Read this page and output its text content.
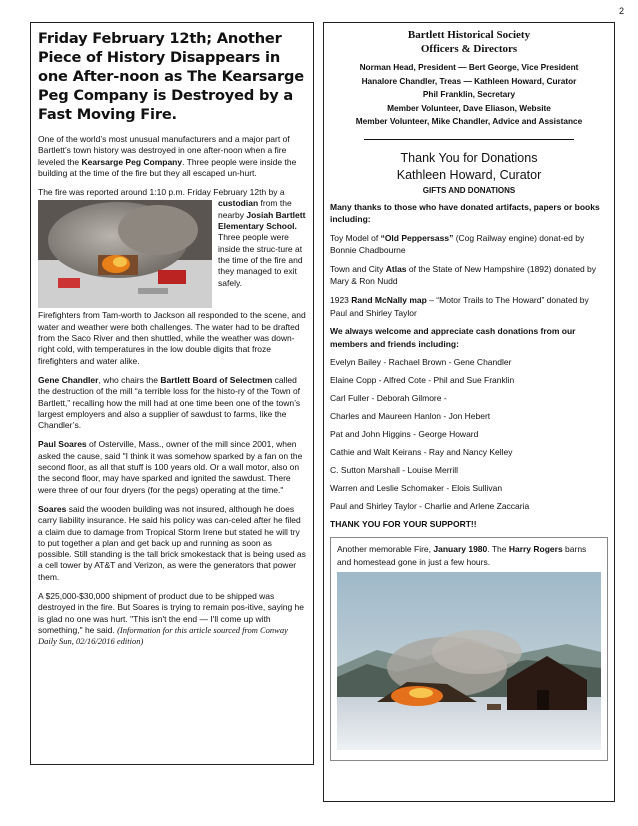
2
Friday February 12th; Another Piece of History Disappears in one After-noon as The Kearsarge Peg Company is Destroyed by a Fast Moving Fire.

One of the world’s most unusual manufacturers and a major part of Bartlett’s town history was destroyed in one after-noon when a fire leveled the Kearsarge Peg Company. Three people were inside the building at the time of the fire but they all escaped un-hurt.

The fire was reported around 1:10 p.m. Friday February 12th by a
custodian from the nearby Josiah Bartlett Elementary School. Three people were inside the struc-ture at the time of the fire and they managed to exit safely.

Firefighters from Tam-worth to Jackson all responded to the scene, and water and weather were both challenges. The water had to be drafted from the Saco River and then shuttled, while the weather was down-right cold, with temperatures in the low double digits that froze firefighters and water alike.

Gene Chandler, who chairs the Bartlett Board of Selectmen called the destruction of the mill “a terrible loss for the histo-ry of the Town of Bartlett,” recalling how the mill had at one time been one of the town’s largest employers and also a supplier of sawdust to farms, like the Chandler’s.

Paul Soares of Osterville, Mass., owner of the mill since 2001, when asked the cause, said "I think it was somehow sparked by a fan on the second floor, as all that stuff is 100 years old. Or a wall motor, also on the second floor, may have sparked and ignited the sawdust. There were three of our four dryers (for the pegs) operating at the time."

Soares said the wooden building was not insured, although he does carry liability insurance. He said his policy was can-celed after he filed a claim due to damage from Tropical Storm Irene but stated he will try to put together a plan and get back up and running as soon as possible. Still standing is the tall brick smokestack that is being used as a cell tower by AT&T and Verizon, as were the generators that power them.

A $25,000-$30,000 shipment of product due to be shipped was destroyed in the fire. But Soares is trying to remain pos-itive, saying he is glad no one was hurt. "This isn't the end — I'll come up with something," he said. (Information for this article sourced from Conway Daily Sun, 02/16/2016 edition)

Bartlett Historical Society
Officers & Directors
Norman Head, President — Bert George, Vice President
Hanalore Chandler, Treas — Kathleen Howard, Curator
Phil Franklin, Secretary
Member Volunteer, Dave Eliason, Website
Member Volunteer, Mike Chandler, Advice and Assistance
Thank You for Donations
Kathleen Howard, Curator
GIFTS AND DONATIONS

Many thanks to those who have donated artifacts, papers or books including:

Toy Model of “Old Peppersass” (Cog Railway engine) donat-ed by Bonnie Chadbourne

Town and City Atlas of the State of New Hampshire (1892) donated by Mary & Ron Nudd

1923 Rand McNally map – “Motor Trails to The Howard” donated by Paul and Shirley Taylor

We always welcome and appreciate cash donations from our members and friends including:

Evelyn Bailey - Rachael Brown - Gene Chandler
Elaine Copp - Alfred Cote - Phil and Sue Franklin
Carl Fuller - Deborah Gilmore -
Charles and Maureen Hanlon - Jon Hebert
Pat and John Higgins - George Howard
Cathie and Walt Keirans - Ray and Nancy Kelley
C. Sutton Marshall - Louise Merrill
Warren and Leslie Schomaker - Elois Sullivan
Paul and Shirley Taylor - Charlie and Arlene Zaccaria

THANK YOU FOR YOUR SUPPORT!!

Another memorable Fire, January 1980. The Harry Rogers barns and homestead gone in just a few hours.
